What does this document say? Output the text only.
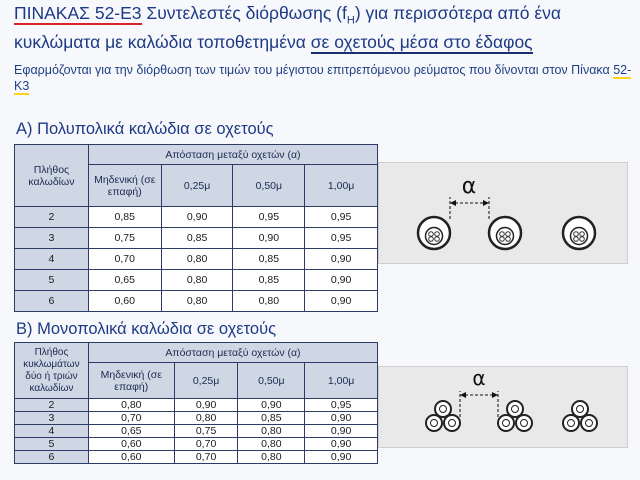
ΠΙΝΑΚΑΣ 52-Ε3 Συντελεστές διόρθωσης $(f_H)$ για περισσότερα από ένα κυκλώματα με καλώδια τοποθετημένα σε οχετούς μέσα στο έδαφος
Εφαρμόζονται για την διόρθωση των τιμών του μέγιστου επιτρεπόμενου ρεύματος που δίνονται στον Πίνακα 52-Κ3
Α) Πολυπολικά καλώδια σε οχετούς
Πλήθος καλωδίων	Απόσταση μεταξύ οχετών (α)			
	Μηδενική (σε επαφή)	0,25μ	0,50μ	1,00μ
2	0,85	0,90	0,95	0,95
3	0,75	0,85	0,90	0,95
4	0,70	0,80	0,85	0,90
5	0,65	0,80	0,85	0,90
6	0,60	0,80	0,80	0,90
α
Β) Μονοπολικά καλώδια σε οχετούς
Πλήθος κυκλωμάτων δύο ή τριών καλωδίων	Απόσταση μεταξύ οχετών (α)			
	Μηδενική (σε επαφή)	0,25μ	0,50μ	1,00μ
2	0,80	0,90	0,90	0,95
3	0,70	0,80	0,85	0,90
4	0,65	0,75	0,80	0,90
5	0,60	0,70	0,80	0,90
6	0,60	0,70	0,80	0,90
α
